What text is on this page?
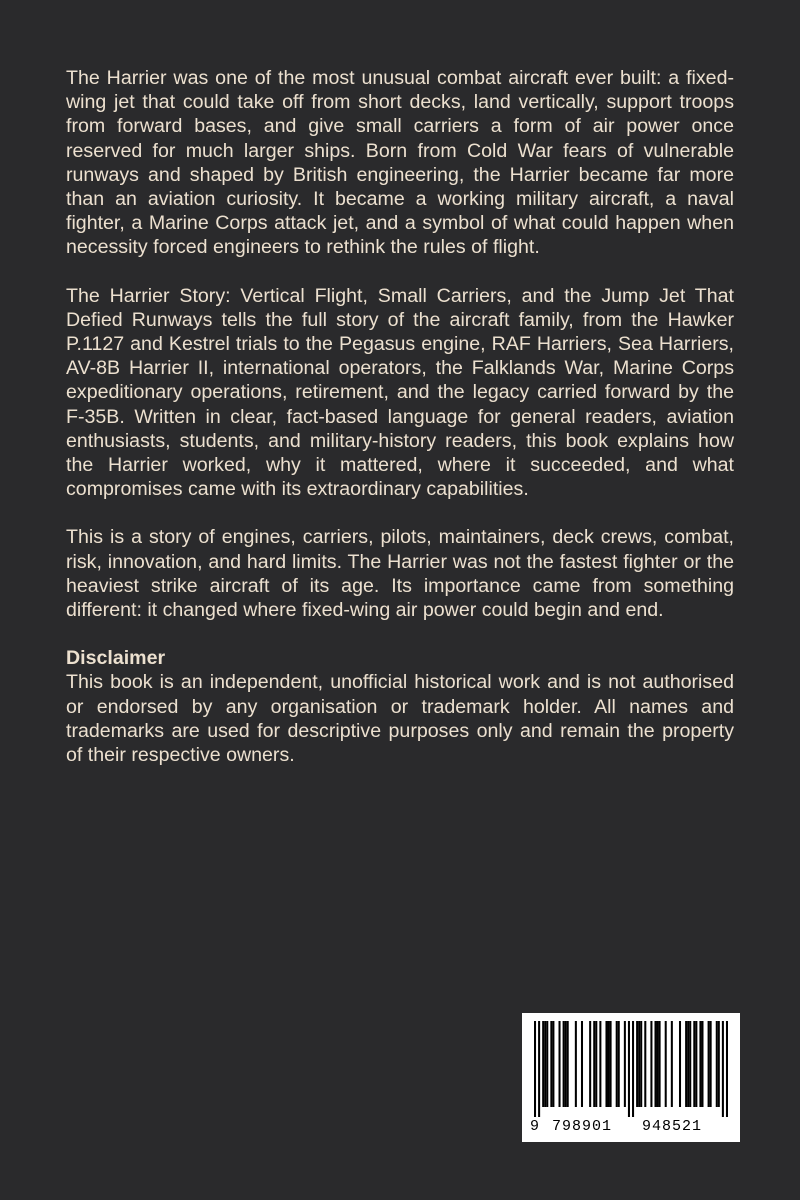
The Harrier was one of the most unusual combat aircraft ever built: a fixed-wing jet that could take off from short decks, land vertically, support troops from forward bases, and give small carriers a form of air power once reserved for much larger ships. Born from Cold War fears of vulnerable runways and shaped by British engineering, the Harrier became far more than an aviation curiosity. It became a working military aircraft, a naval fighter, a Marine Corps attack jet, and a symbol of what could happen when necessity forced engineers to rethink the rules of flight.

The Harrier Story: Vertical Flight, Small Carriers, and the Jump Jet That Defied Runways tells the full story of the aircraft family, from the Hawker P.1127 and Kestrel trials to the Pegasus engine, RAF Harriers, Sea Harriers, AV-8B Harrier II, international operators, the Falklands War, Marine Corps expeditionary operations, retirement, and the legacy carried forward by the F-35B. Written in clear, fact-based language for general readers, aviation enthusiasts, students, and military-history readers, this book explains how the Harrier worked, why it mattered, where it succeeded, and what compromises came with its extraordinary capabilities.

This is a story of engines, carriers, pilots, maintainers, deck crews, combat, risk, innovation, and hard limits. The Harrier was not the fastest fighter or the heaviest strike aircraft of its age. Its importance came from something different: it changed where fixed-wing air power could begin and end.

Disclaimer

This book is an independent, unofficial historical work and is not authorised or endorsed by any organisation or trademark holder. All names and trademarks are used for descriptive purposes only and remain the property of their respective owners.

9 798901 948521
